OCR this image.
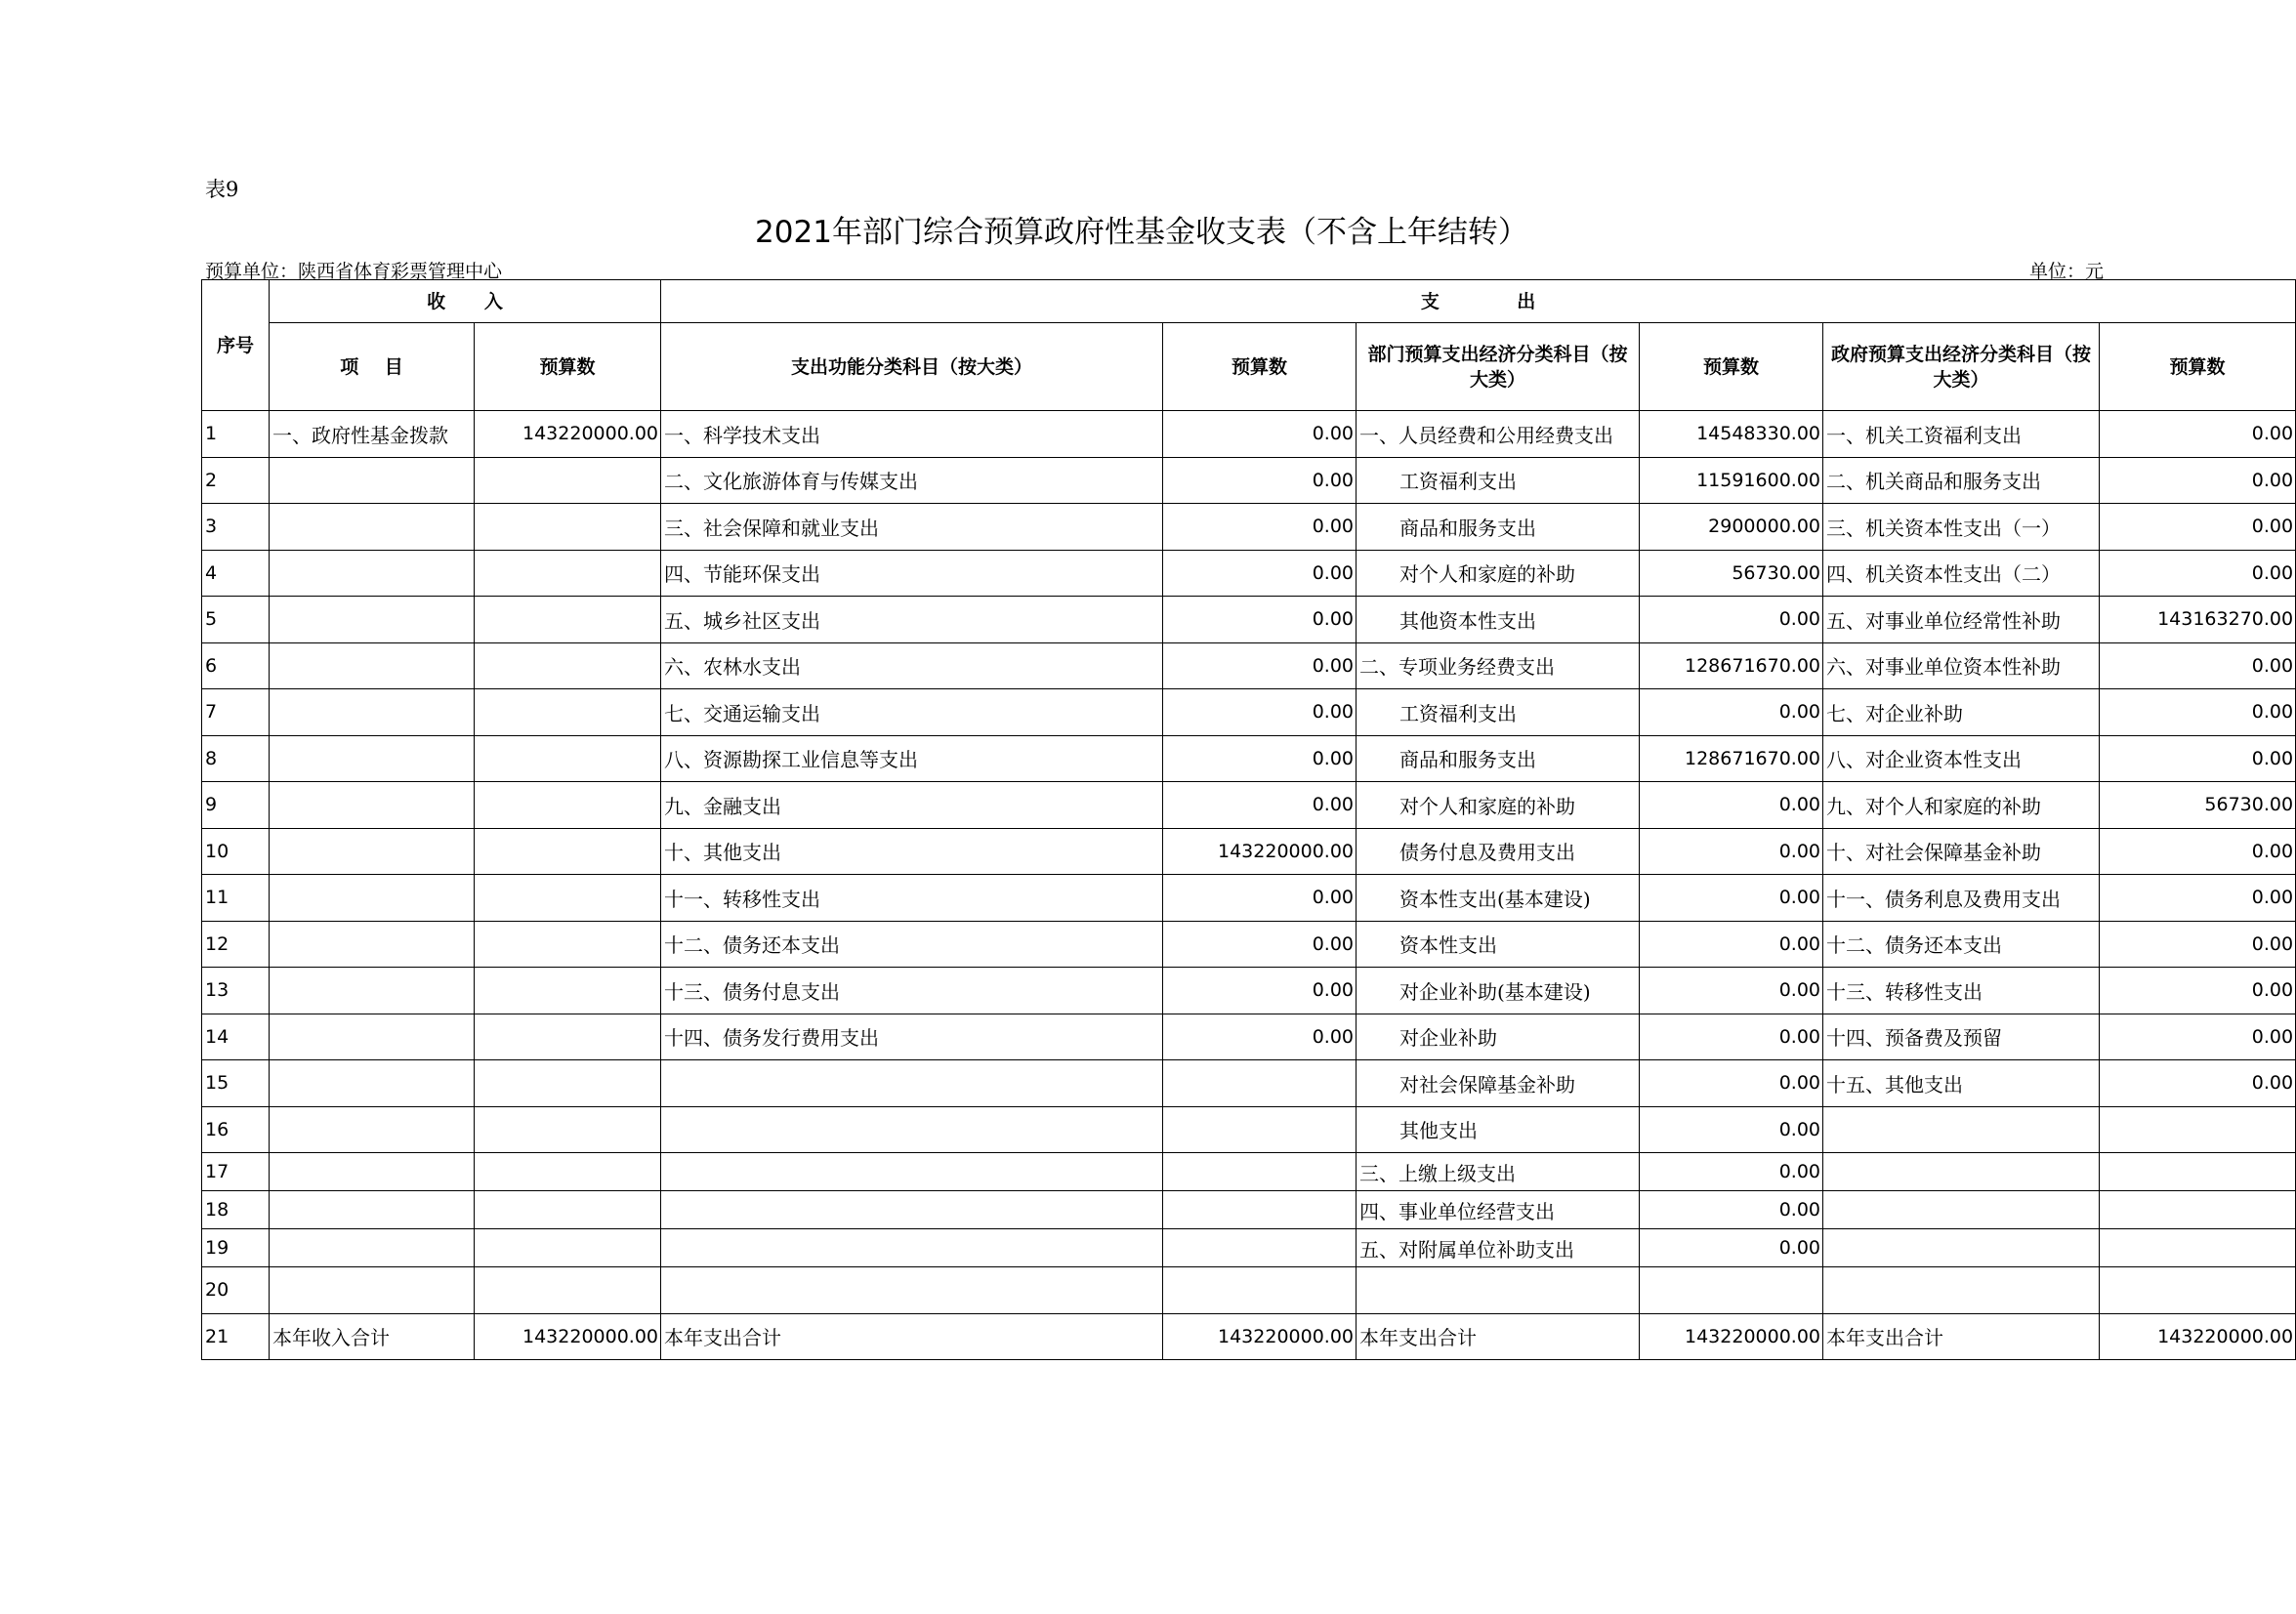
表9
2021年部门综合预算政府性基金收支表（不含上年结转）
预算单位：陕西省体育彩票管理中心	单位：元
序号	收      入		支            出					
	项    目	预算数	支出功能分类科目（按大类）	预算数	部门预算支出经济分类科目（按大类）	预算数	政府预算支出经济分类科目（按大类）	预算数
1	一、政府性基金拨款	143220000.00	一、科学技术支出	0.00	一、人员经费和公用经费支出	14548330.00	一、机关工资福利支出	0.00
2			二、文化旅游体育与传媒支出	0.00	工资福利支出	11591600.00	二、机关商品和服务支出	0.00
3			三、社会保障和就业支出	0.00	商品和服务支出	2900000.00	三、机关资本性支出（一）	0.00
4			四、节能环保支出	0.00	对个人和家庭的补助	56730.00	四、机关资本性支出（二）	0.00
5			五、城乡社区支出	0.00	其他资本性支出	0.00	五、对事业单位经常性补助	143163270.00
6			六、农林水支出	0.00	二、专项业务经费支出	128671670.00	六、对事业单位资本性补助	0.00
7			七、交通运输支出	0.00	工资福利支出	0.00	七、对企业补助	0.00
8			八、资源勘探工业信息等支出	0.00	商品和服务支出	128671670.00	八、对企业资本性支出	0.00
9			九、金融支出	0.00	对个人和家庭的补助	0.00	九、对个人和家庭的补助	56730.00
10			十、其他支出	143220000.00	债务付息及费用支出	0.00	十、对社会保障基金补助	0.00
11			十一、转移性支出	0.00	资本性支出(基本建设)	0.00	十一、债务利息及费用支出	0.00
12			十二、债务还本支出	0.00	资本性支出	0.00	十二、债务还本支出	0.00
13			十三、债务付息支出	0.00	对企业补助(基本建设)	0.00	十三、转移性支出	0.00
14			十四、债务发行费用支出	0.00	对企业补助	0.00	十四、预备费及预留	0.00
15					对社会保障基金补助	0.00	十五、其他支出	0.00
16					其他支出	0.00		
17					三、上缴上级支出	0.00		
18					四、事业单位经营支出	0.00		
19					五、对附属单位补助支出	0.00		
20								
21	本年收入合计	143220000.00	本年支出合计	143220000.00	本年支出合计	143220000.00	本年支出合计	143220000.00
